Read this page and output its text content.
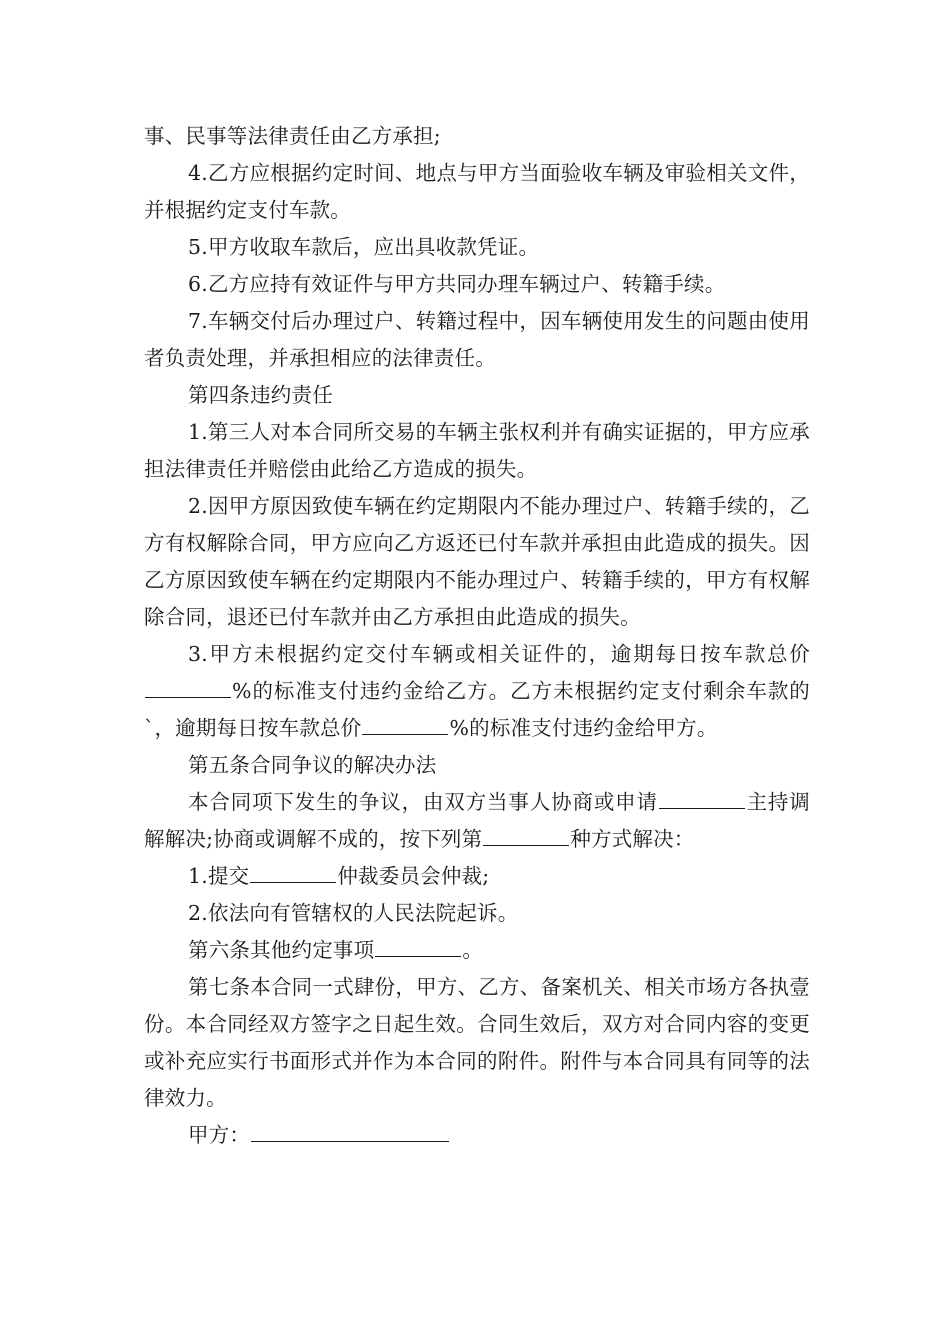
事、民事等法律责任由乙方承担;

4.乙方应根据约定时间、地点与甲方当面验收车辆及审验相关文件，并根据约定支付车款。

5.甲方收取车款后，应出具收款凭证。

6.乙方应持有效证件与甲方共同办理车辆过户、转籍手续。

7.车辆交付后办理过户、转籍过程中，因车辆使用发生的问题由使用者负责处理，并承担相应的法律责任。

第四条违约责任

1.第三人对本合同所交易的车辆主张权利并有确实证据的，甲方应承担法律责任并赔偿由此给乙方造成的损失。

2.因甲方原因致使车辆在约定期限内不能办理过户、转籍手续的，乙方有权解除合同，甲方应向乙方返还已付车款并承担由此造成的损失。因乙方原因致使车辆在约定期限内不能办理过户、转籍手续的，甲方有权解除合同，退还已付车款并由乙方承担由此造成的损失。

3.甲方未根据约定交付车辆或相关证件的，逾期每日按车款总价%的标准支付违约金给乙方。乙方未根据约定支付剩余车款的`，逾期每日按车款总价	%的标准支付违约金给甲方。

第五条合同争议的解决办法

本合同项下发生的争议，由双方当事人协商或申请	主持调解解决;协商或调解不成的，按下列第	种方式解决：

1.提交	仲裁委员会仲裁;

2.依法向有管辖权的人民法院起诉。

第六条其他约定事项	。

第七条本合同一式肆份，甲方、乙方、备案机关、相关市场方各执壹份。本合同经双方签字之日起生效。合同生效后，双方对合同内容的变更或补充应实行书面形式并作为本合同的附件。附件与本合同具有同等的法律效力。

甲方：
